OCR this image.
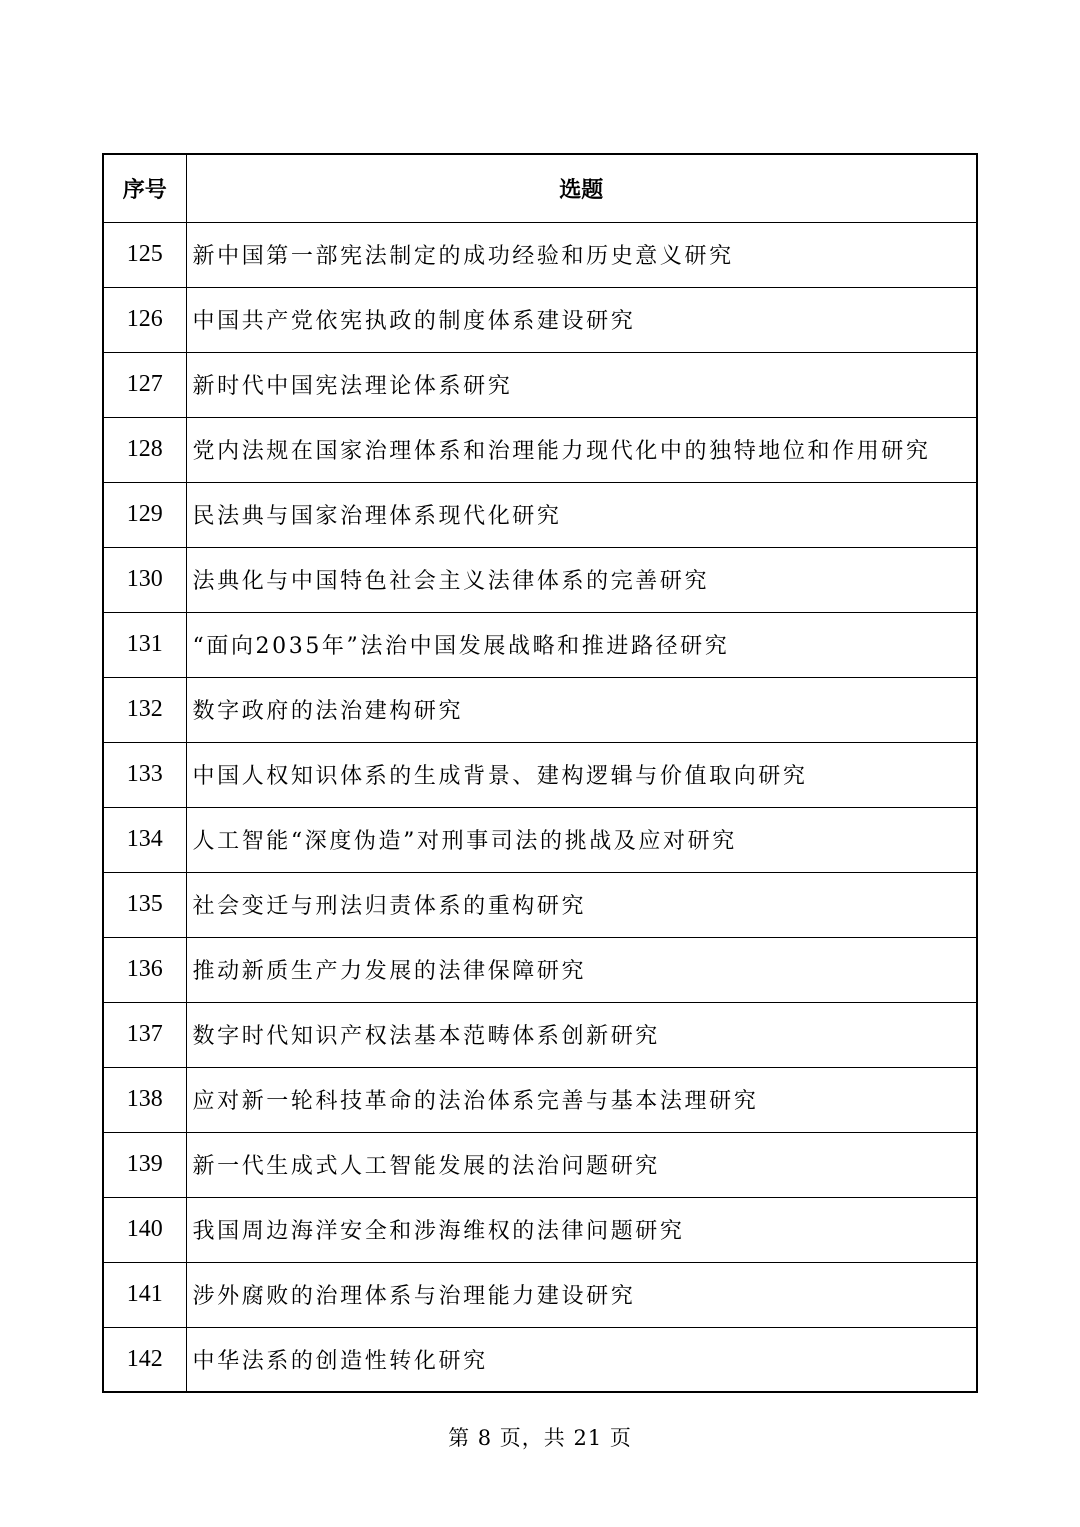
序号	选题
125	新中国第一部宪法制定的成功经验和历史意义研究
126	中国共产党依宪执政的制度体系建设研究
127	新时代中国宪法理论体系研究
128	党内法规在国家治理体系和治理能力现代化中的独特地位和作用研究
129	民法典与国家治理体系现代化研究
130	法典化与中国特色社会主义法律体系的完善研究
131	“面向2035年”法治中国发展战略和推进路径研究
132	数字政府的法治建构研究
133	中国人权知识体系的生成背景、建构逻辑与价值取向研究
134	人工智能“深度伪造”对刑事司法的挑战及应对研究
135	社会变迁与刑法归责体系的重构研究
136	推动新质生产力发展的法律保障研究
137	数字时代知识产权法基本范畴体系创新研究
138	应对新一轮科技革命的法治体系完善与基本法理研究
139	新一代生成式人工智能发展的法治问题研究
140	我国周边海洋安全和涉海维权的法律问题研究
141	涉外腐败的治理体系与治理能力建设研究
142	中华法系的创造性转化研究
第 8 页，共 21 页
